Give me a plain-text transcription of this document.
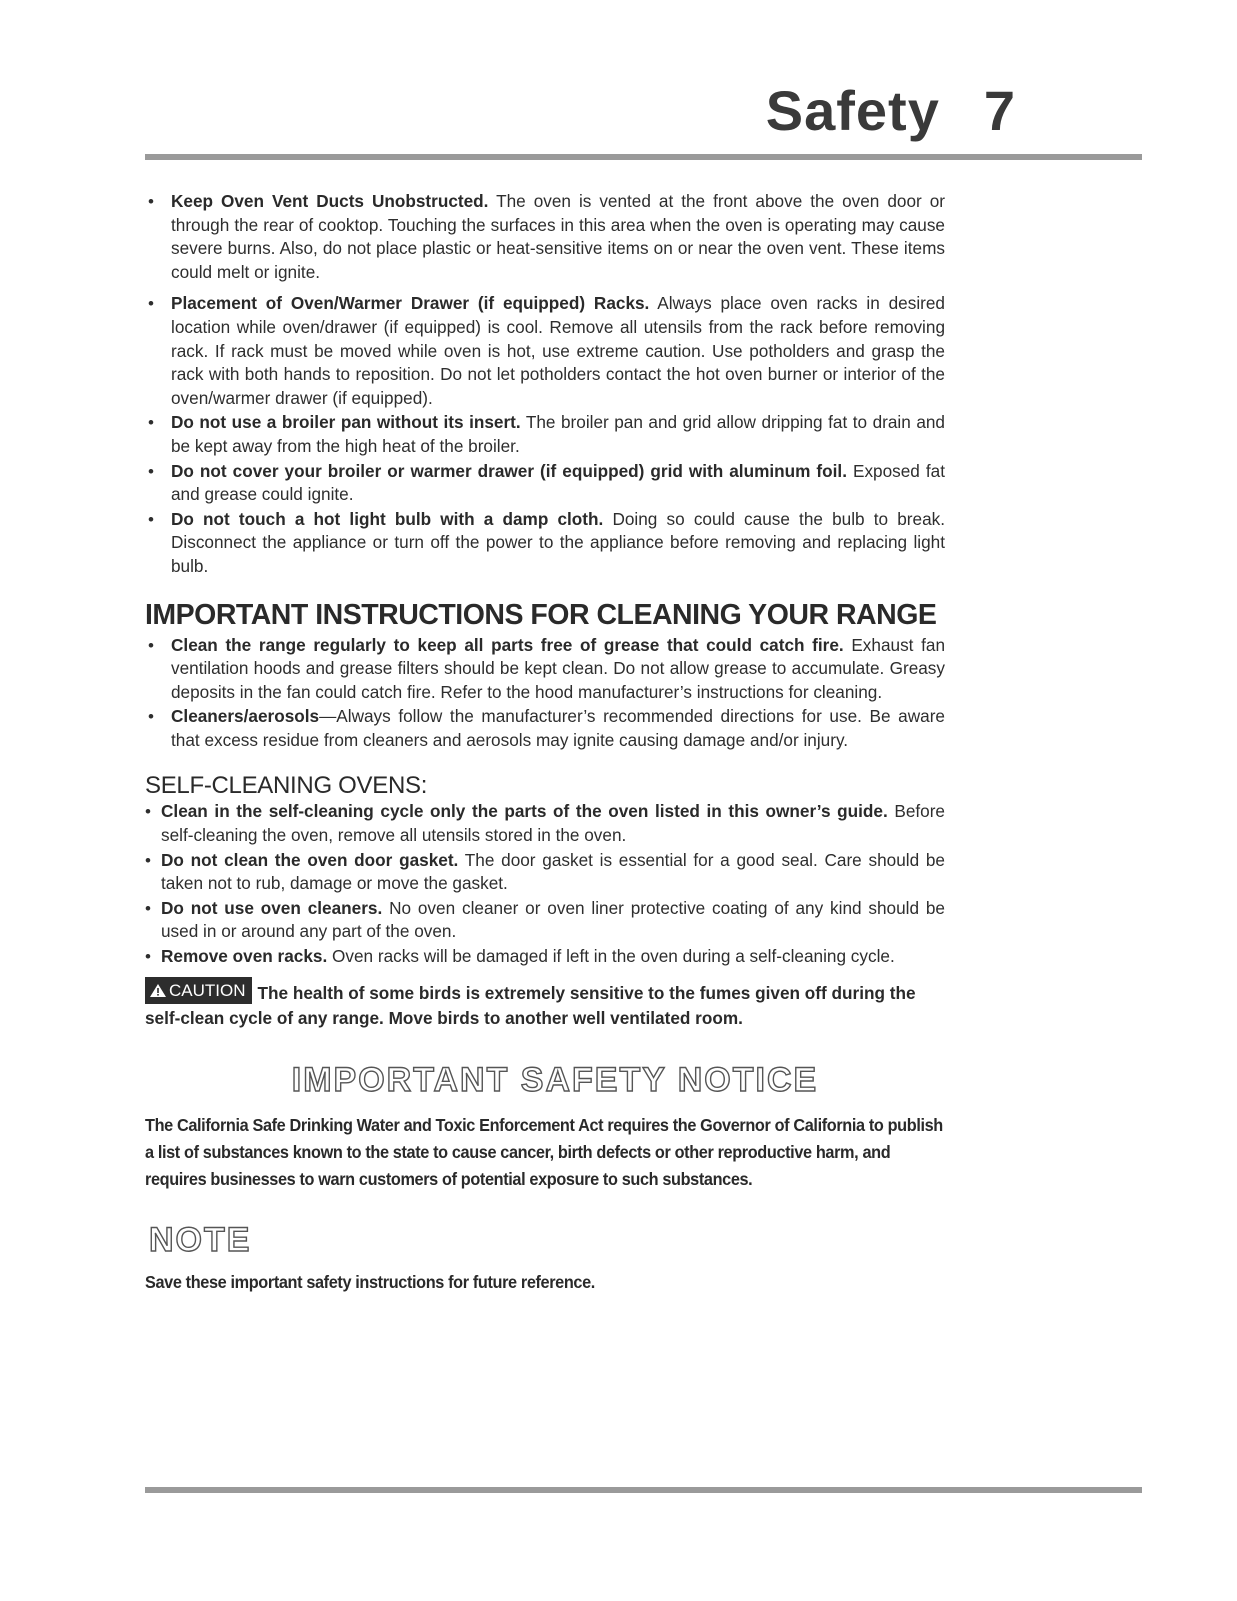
Safety 7
• Keep Oven Vent Ducts Unobstructed. The oven is vented at the front above the oven door or through the rear of cooktop. Touching the surfaces in this area when the oven is operating may cause severe burns. Also, do not place plastic or heat-sensitive items on or near the oven vent. These items could melt or ignite.
• Placement of Oven/Warmer Drawer (if equipped) Racks. Always place oven racks in desired location while oven/drawer (if equipped) is cool. Remove all utensils from the rack before removing rack. If rack must be moved while oven is hot, use extreme caution. Use potholders and grasp the rack with both hands to reposition. Do not let potholders contact the hot oven burner or interior of the oven/warmer drawer (if equipped).
• Do not use a broiler pan without its insert. The broiler pan and grid allow dripping fat to drain and be kept away from the high heat of the broiler.
• Do not cover your broiler or warmer drawer (if equipped) grid with aluminum foil. Exposed fat and grease could ignite.
• Do not touch a hot light bulb with a damp cloth. Doing so could cause the bulb to break. Disconnect the appliance or turn off the power to the appliance before removing and replacing light bulb.
IMPORTANT INSTRUCTIONS FOR CLEANING YOUR RANGE
• Clean the range regularly to keep all parts free of grease that could catch fire. Exhaust fan ventilation hoods and grease filters should be kept clean. Do not allow grease to accumulate. Greasy deposits in the fan could catch fire. Refer to the hood manufacturer’s instructions for cleaning.
• Cleaners/aerosols—Always follow the manufacturer’s recommended directions for use. Be aware that excess residue from cleaners and aerosols may ignite causing damage and/or injury.
SELF-CLEANING OVENS:
• Clean in the self-cleaning cycle only the parts of the oven listed in this owner’s guide. Before self-cleaning the oven, remove all utensils stored in the oven.
• Do not clean the oven door gasket. The door gasket is essential for a good seal. Care should be taken not to rub, damage or move the gasket.
• Do not use oven cleaners. No oven cleaner or oven liner protective coating of any kind should be used in or around any part of the oven.
• Remove oven racks. Oven racks will be damaged if left in the oven during a self-cleaning cycle.
CAUTION The health of some birds is extremely sensitive to the fumes given off during the self-clean cycle of any range. Move birds to another well ventilated room.
IMPORTANT SAFETY NOTICE
The California Safe Drinking Water and Toxic Enforcement Act requires the Governor of California to publish a list of substances known to the state to cause cancer, birth defects or other reproductive harm, and requires businesses to warn customers of potential exposure to such substances.
NOTE
Save these important safety instructions for future reference.
